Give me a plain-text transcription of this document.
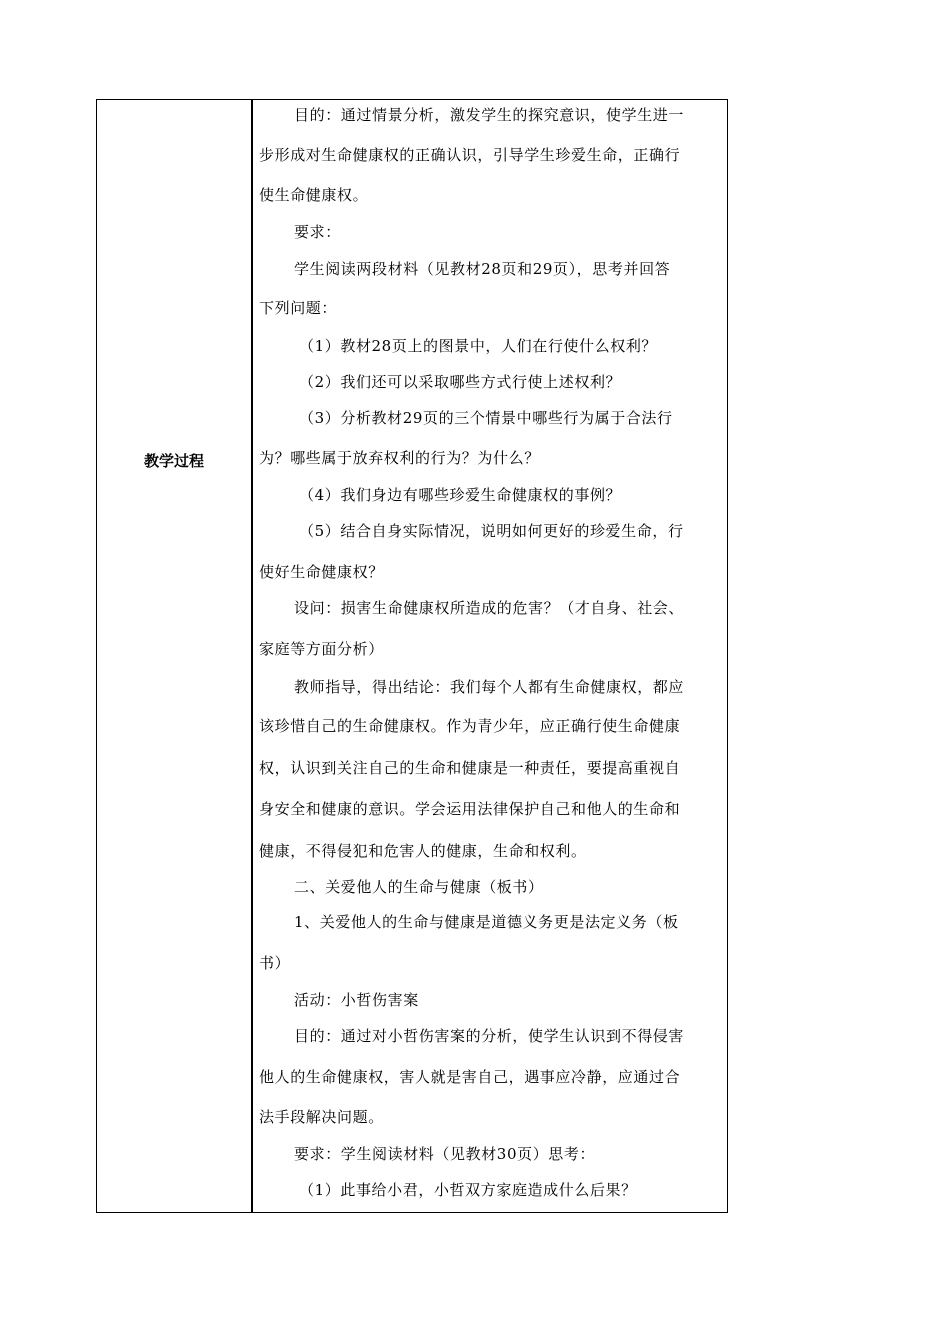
教学过程
目的：通过情景分析，激发学生的探究意识，使学生进一
步形成对生命健康权的正确认识，引导学生珍爱生命，正确行
使生命健康权。
要求：
学生阅读两段材料（见教材28页和29页），思考并回答
下列问题：
（1）教材28页上的图景中，人们在行使什么权利？
（2）我们还可以采取哪些方式行使上述权利？
（3）分析教材29页的三个情景中哪些行为属于合法行
为？哪些属于放弃权利的行为？为什么？
（4）我们身边有哪些珍爱生命健康权的事例？
（5）结合自身实际情况，说明如何更好的珍爱生命，行
使好生命健康权？
设问：损害生命健康权所造成的危害？（才自身、社会、
家庭等方面分析）
教师指导，得出结论：我们每个人都有生命健康权，都应
该珍惜自己的生命健康权。作为青少年，应正确行使生命健康
权，认识到关注自己的生命和健康是一种责任，要提高重视自
身安全和健康的意识。学会运用法律保护自己和他人的生命和
健康，不得侵犯和危害人的健康，生命和权利。
二、关爱他人的生命与健康（板书）
1、关爱他人的生命与健康是道德义务更是法定义务（板
书）
活动：小哲伤害案
目的：通过对小哲伤害案的分析，使学生认识到不得侵害
他人的生命健康权，害人就是害自己，遇事应冷静，应通过合
法手段解决问题。
要求：学生阅读材料（见教材30页）思考：
（1）此事给小君，小哲双方家庭造成什么后果？
